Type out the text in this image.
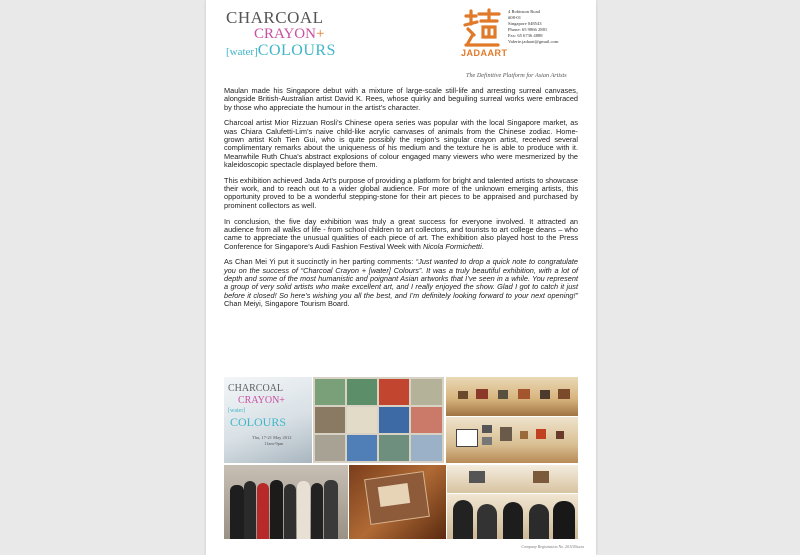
CHARCOAL
CRAYON+
[water]COLOURS	JADAART
4 Robinson Road
#08-01
Singapore 048543
Phone: 65 9866 2881
Fax: 65 6736 4888
Valerie.jadaart@gmail.com
The Definitive Platform for Asian Artists

Maulan made his Singapore debut with a mixture of large-scale still-life and arresting surreal canvases, alongside British-Australian artist David K. Rees, whose quirky and beguiling surreal works were embraced by those who appreciate the humour in the artist’s character.

Charcoal artist Mior Rizzuan Rosli’s Chinese opera series was popular with the local Singapore market, as was Chiara Calufetti-Lim’s naive child-like acrylic canvases of animals from the Chinese zodiac. Home-grown artist Koh Tien Gui, who is quite possibly the region’s singular crayon artist, received several complimentary remarks about the uniqueness of his medium and the texture he is able to produce with it. Meanwhile Ruth Chua’s abstract explosions of colour engaged many viewers who were mesmerized by the kaleidoscopic spectacle displayed before them.

This exhibition achieved Jada Art’s purpose of providing a platform for bright and talented artists to showcase their work, and to reach out to a wider global audience. For more of the unknown emerging artists, this opportunity proved to be a wonderful stepping-stone for their art pieces to be appraised and purchased by prominent collectors as well.

In conclusion, the five day exhibition was truly a great success for everyone involved. It attracted an audience from all walks of life - from school children to art collectors, and tourists to art college deans – who came to appreciate the unusual qualities of each piece of art. The exhibition also played host to the Press Conference for Singapore’s Audi Fashion Festival Week with Nicola Formichetti.

As Chan Mei Yi put it succinctly in her parting comments: “Just wanted to drop a quick note to congratulate you on the success of “Charcoal Crayon + [water] Colours”. It was a truly beautiful exhibition, with a lot of depth and some of the most humanistic and poignant Asian artworks that I’ve seen in a while. You represent a group of very solid artists who make excellent art, and I really enjoyed the show. Glad I got to catch it just before it closed! So here’s wishing you all the best, and I’m definitely looking forward to your next opening!” Chan Meiyi, Singapore Tourism Board.

CHARCOAL
CRAYON+
[water]
COLOURS
Thu, 17-21 May 2012
11am-9pm
Company Registration No. 201105xxxx
